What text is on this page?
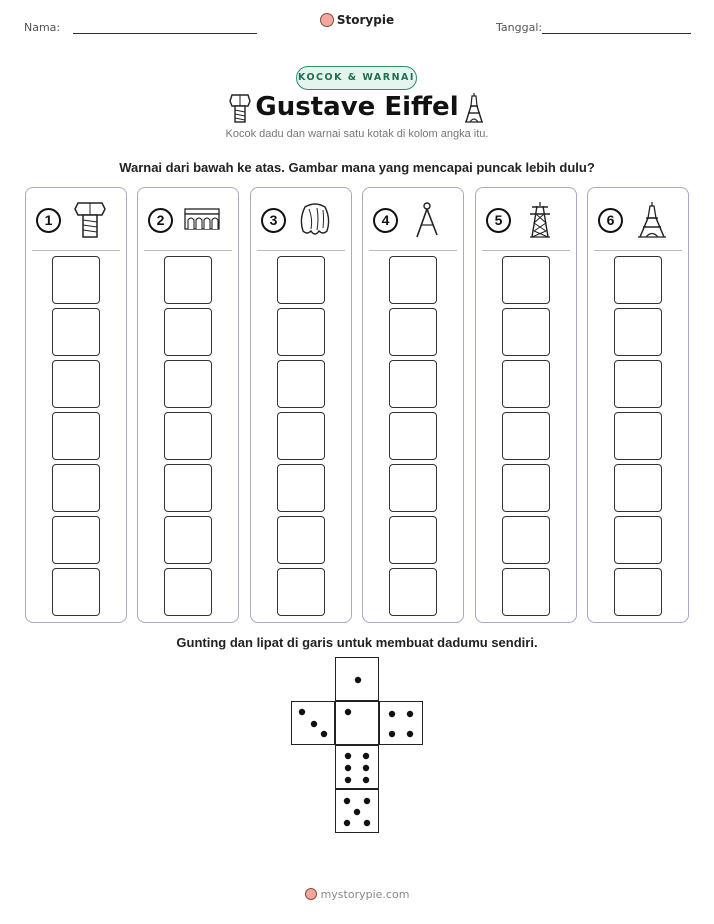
Nama:
Storypie
Tanggal:
KOCOK & WARNAI
Gustave Eiffel
Kocok dadu dan warnai satu kotak di kolom angka itu.
Warnai dari bawah ke atas. Gambar mana yang mencapai puncak lebih dulu?
1	2	3	4	5	6
Gunting dan lipat di garis untuk membuat dadumu sendiri.
mystorypie.com
